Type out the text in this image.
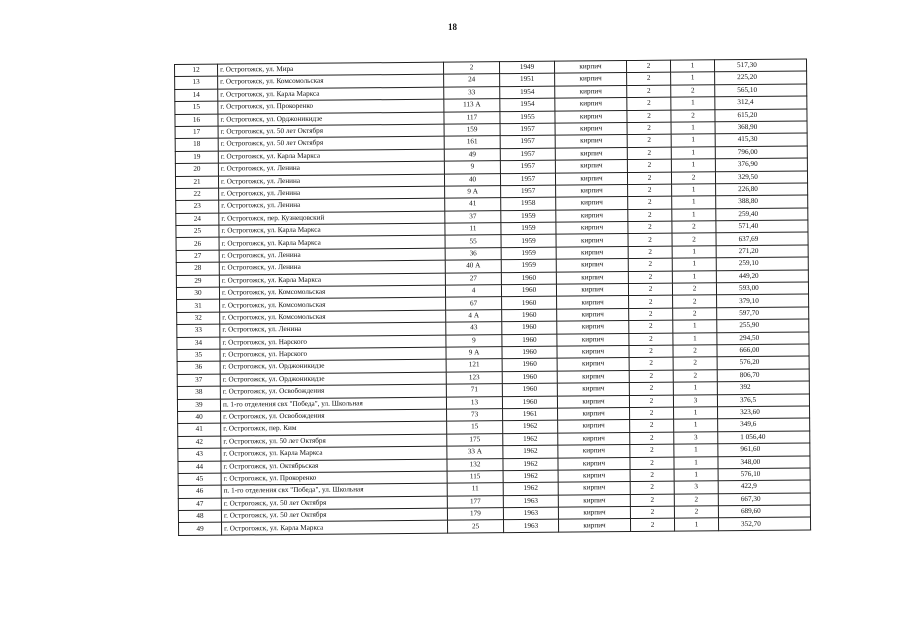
18
12	г. Острогожск, ул. Мира	2	1949	кирпич	2	1	517,30
13	г. Острогожск, ул. Комсомольская	24	1951	кирпич	2	1	225,20
14	г. Острогожск, ул. Карла Маркса	33	1954	кирпич	2	2	565,10
15	г. Острогожск, ул. Прокоренко	113 А	1954	кирпич	2	1	312,4
16	г. Острогожск, ул. Орджоникидзе	117	1955	кирпич	2	2	615,20
17	г. Острогожск, ул. 50 лет Октября	159	1957	кирпич	2	1	368,90
18	г. Острогожск, ул. 50 лет Октября	161	1957	кирпич	2	1	415,30
19	г. Острогожск, ул. Карла Маркса	49	1957	кирпич	2	1	796,00
20	г. Острогожск, ул. Ленина	9	1957	кирпич	2	1	376,90
21	г. Острогожск, ул. Ленина	40	1957	кирпич	2	2	329,50
22	г. Острогожск, ул. Ленина	9 А	1957	кирпич	2	1	226,80
23	г. Острогожск, ул. Ленина	41	1958	кирпич	2	1	388,80
24	г. Острогожск, пер. Кузнецовский	37	1959	кирпич	2	1	259,40
25	г. Острогожск, ул. Карла Маркса	11	1959	кирпич	2	2	571,40
26	г. Острогожск, ул. Карла Маркса	55	1959	кирпич	2	2	637,69
27	г. Острогожск, ул. Ленина	36	1959	кирпич	2	1	271,20
28	г. Острогожск, ул. Ленина	40 А	1959	кирпич	2	1	259,10
29	г. Острогожск, ул. Карла Маркса	27	1960	кирпич	2	1	449,20
30	г. Острогожск, ул. Комсомольская	4	1960	кирпич	2	2	593,00
31	г. Острогожск, ул. Комсомольская	67	1960	кирпич	2	2	379,10
32	г. Острогожск, ул. Комсомольская	4 А	1960	кирпич	2	2	597,70
33	г. Острогожск, ул. Ленина	43	1960	кирпич	2	1	255,90
34	г. Острогожск, ул. Нарского	9	1960	кирпич	2	1	294,50
35	г. Острогожск, ул. Нарского	9 А	1960	кирпич	2	2	666,00
36	г. Острогожск, ул. Орджоникидзе	121	1960	кирпич	2	2	576,20
37	г. Острогожск, ул. Орджоникидзе	123	1960	кирпич	2	2	806,70
38	г. Острогожск, ул. Освобождения	71	1960	кирпич	2	1	392
39	п. 1-го отделения свх "Победа", ул. Школьная	13	1960	кирпич	2	3	376,5
40	г. Острогожск, ул. Освобождения	73	1961	кирпич	2	1	323,60
41	г. Острогожск, пер. Ким	15	1962	кирпич	2	1	349,6
42	г. Острогожск, ул. 50 лет Октября	175	1962	кирпич	2	3	1 056,40
43	г. Острогожск, ул. Карла Маркса	33 А	1962	кирпич	2	1	961,60
44	г. Острогожск, ул. Октябрьская	132	1962	кирпич	2	1	348,00
45	г. Острогожск, ул. Прокоренко	115	1962	кирпич	2	1	576,10
46	п. 1-го отделения свх "Победа", ул. Школьная	11	1962	кирпич	2	3	422,9
47	г. Острогожск, ул. 50 лет Октября	177	1963	кирпич	2	2	667,30
48	г. Острогожск, ул. 50 лет Октября	179	1963	кирпич	2	2	689,60
49	г. Острогожск, ул. Карла Маркса	25	1963	кирпич	2	1	352,70
